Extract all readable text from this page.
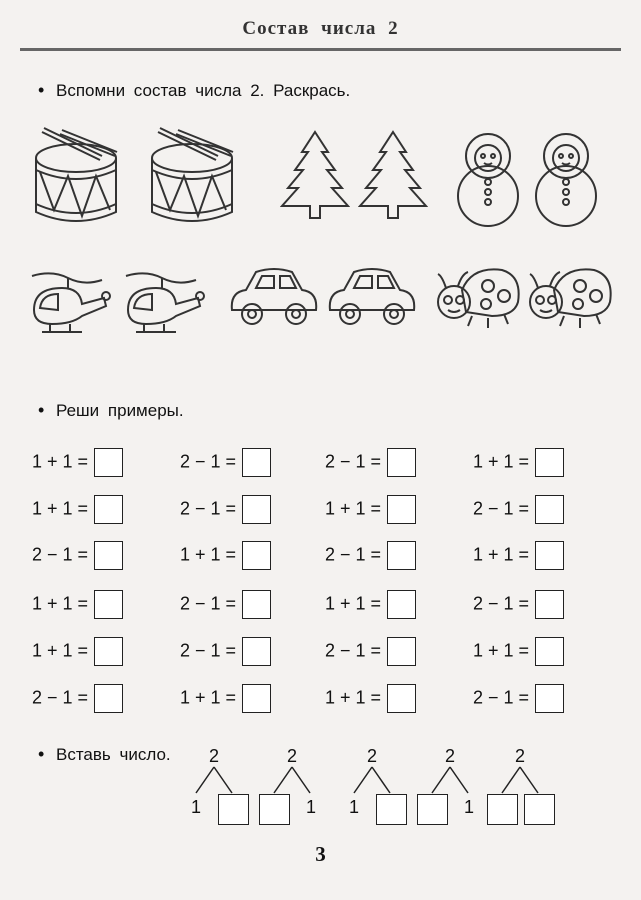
Состав числа 2
• Вспомни состав числа 2. Раскрась.
• Реши примеры.
1 + 1 =
1 + 1 =
2 − 1 =
1 + 1 =
1 + 1 =
2 − 1 =
2 − 1 =
2 − 1 =
1 + 1 =
2 − 1 =
2 − 1 =
1 + 1 =
2 − 1 =
1 + 1 =
2 − 1 =
1 + 1 =
2 − 1 =
1 + 1 =
1 + 1 =
2 − 1 =
1 + 1 =
2 − 1 =
1 + 1 =
2 − 1 =
• Вставь число. 2
1
2
1
2
1
2
1
2
3
